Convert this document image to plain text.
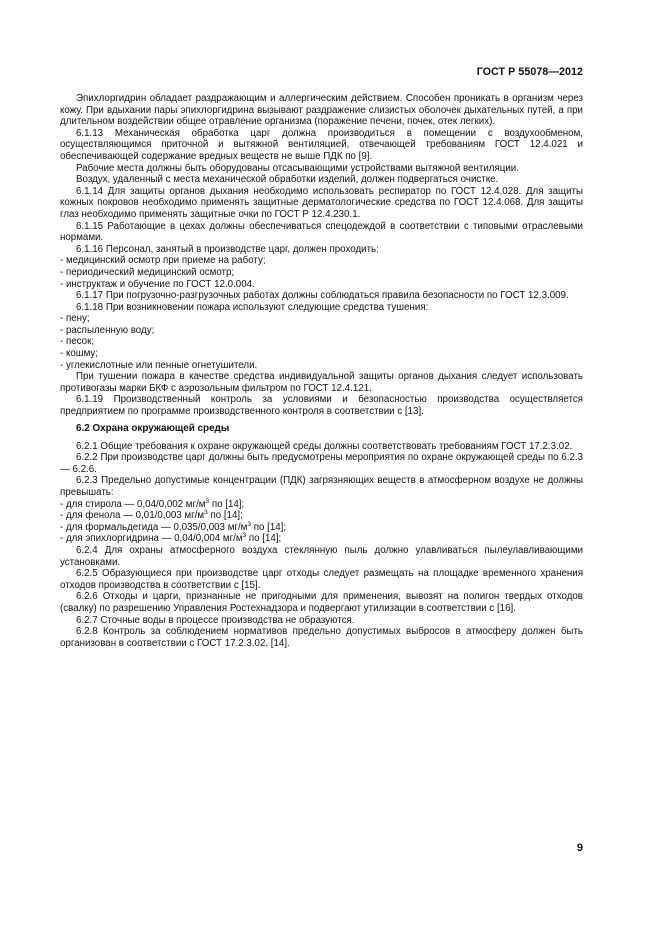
ГОСТ Р 55078—2012

Эпихлоргидрин обладает раздражающим и аллергическим действием. Способен проникать в организм через кожу. При вдыхании пары эпихлоргидрина вызывают раздражение слизистых оболочек дыхательных путей, а при длительном воздействии общее отравление организма (поражение печени, почек, отек легких).

6.1.13 Механическая обработка царг должна производиться в помещении с воздухообменом, осуществляющимся приточной и вытяжной вентиляцией, отвечающей требованиям ГОСТ 12.4.021 и обеспечивающей содержание вредных веществ не выше ПДК по [9].

Рабочие места должны быть оборудованы отсасывающими устройствами вытяжной вентиляции.

Воздух, удаленный с места механической обработки изделий, должен подвергаться очистке.

6.1.14 Для защиты органов дыхания необходимо использовать респиратор по ГОСТ 12.4.028. Для защиты кожных покровов необходимо применять защитные дерматологические средства по ГОСТ 12.4.068. Для защиты глаз необходимо применять защитные очки по ГОСТ Р 12.4.230.1.

6.1.15 Работающие в цехах должны обеспечиваться спецодеждой в соответствии с типовыми отраслевыми нормами.

6.1.16 Персонал, занятый в производстве царг, должен проходить:

- медицинский осмотр при приеме на работу;

- периодический медицинский осмотр;

- инструктаж и обучение по ГОСТ 12.0.004.

6.1.17 При погрузочно-разгрузочных работах должны соблюдаться правила безопасности по ГОСТ 12.3.009.

6.1.18 При возникновении пожара используют следующие средства тушения:

- пену;

- распыленную воду;

- песок;

- кошму;

- углекислотные или пенные огнетушители.

При тушении пожара в качестве средства индивидуальной защиты органов дыхания следует использовать противогазы марки БКФ с аэрозольным фильтром по ГОСТ 12.4.121.

6.1.19 Производственный контроль за условиями и безопасностью производства осуществляется предприятием по программе производственного контроля в соответствии с [13].

6.2 Охрана окружающей среды

6.2.1 Общие требования к охране окружающей среды должны соответствовать требованиям ГОСТ 17.2.3.02.

6.2.2 При производстве царг должны быть предусмотрены мероприятия по охране окружающей среды по 6.2.3 — 6.2.6.

6.2.3 Предельно допустимые концентрации (ПДК) загрязняющих веществ в атмосферном воздухе не должны превышать:

- для стирола — 0,04/0,002 $мг/м^3$ по [14];

- для фенола — 0,01/0,003 $мг/м^3$ по [14];

- для формальдегида — 0,035/0,003 $мг/м^3$ по [14];

- для эпихлоргидрина — 0,04/0,004 $мг/м^3$ по [14];

6.2.4 Для охраны атмосферного воздуха стеклянную пыль должно улавливаться пылеулавливающими установками.

6.2.5 Образующиеся при производстве царг отходы следует размещать на площадке временного хранения отходов производства в соответствии с [15].

6.2.6 Отходы и царги, признанные не пригодными для применения, вывозят на полигон твердых отходов (свалку) по разрешению Управления Ростехнадзора и подвергают утилизации в соответствии с [16].

6.2.7 Сточные воды в процессе производства не образуются.

6.2.8 Контроль за соблюдением нормативов предельно допустимых выбросов в атмосферу должен быть организован в соответствии с ГОСТ 17.2.3.02, [14].

9
